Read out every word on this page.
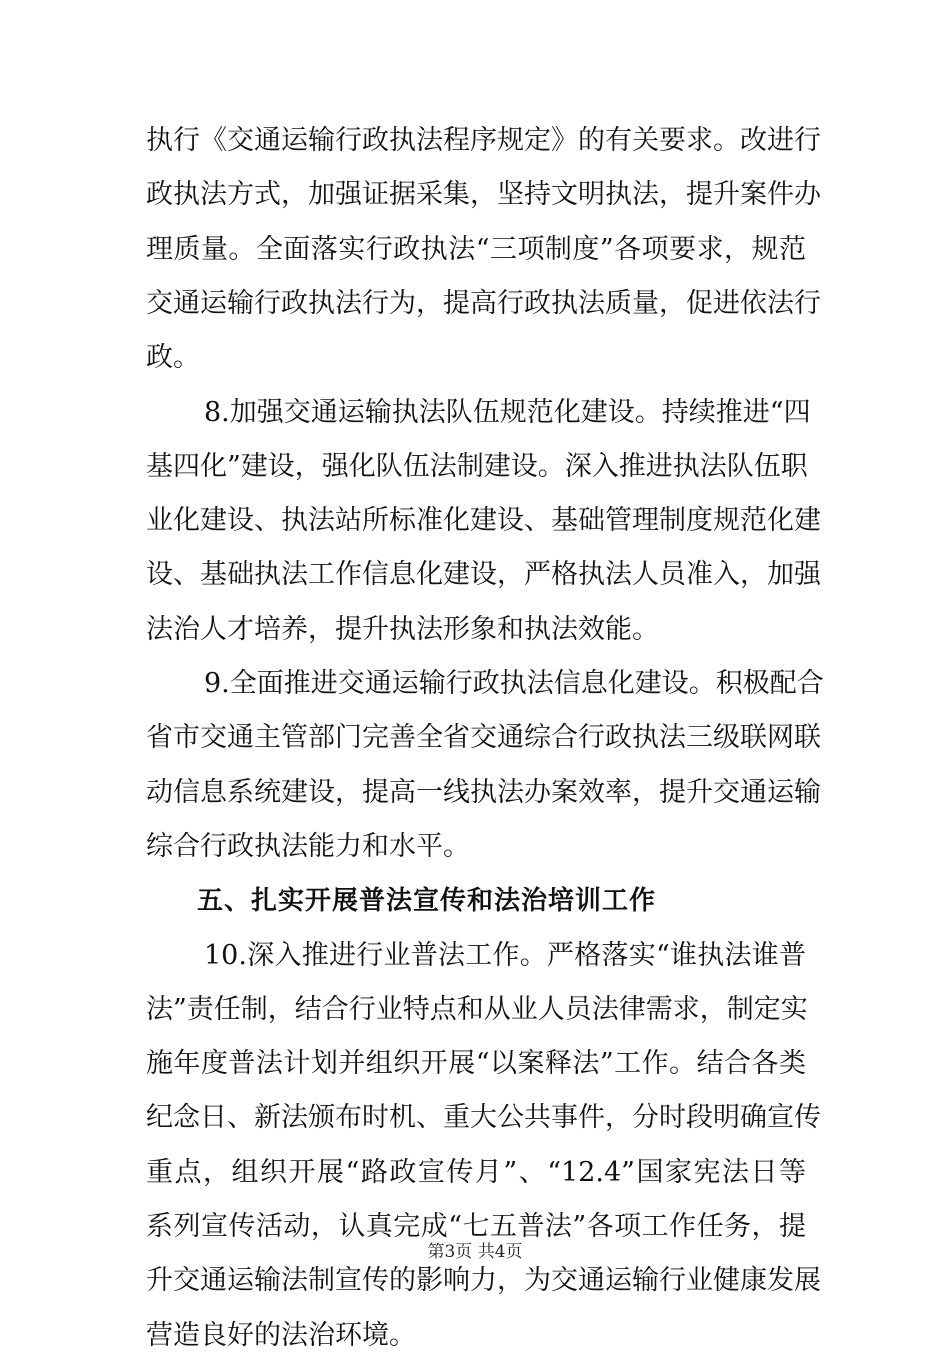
执行《交通运输行政执法程序规定》的有关要求。改进行
政执法方式，加强证据采集，坚持文明执法，提升案件办
理质量。全面落实行政执法“三项制度”各项要求，规范
交通运输行政执法行为，提高行政执法质量，促进依法行
政。
8.加强交通运输执法队伍规范化建设。持续推进“四
基四化”建设，强化队伍法制建设。深入推进执法队伍职
业化建设、执法站所标准化建设、基础管理制度规范化建
设、基础执法工作信息化建设，严格执法人员准入，加强
法治人才培养，提升执法形象和执法效能。
9.全面推进交通运输行政执法信息化建设。积极配合
省市交通主管部门完善全省交通综合行政执法三级联网联
动信息系统建设，提高一线执法办案效率，提升交通运输
综合行政执法能力和水平。
五、扎实开展普法宣传和法治培训工作
10.深入推进行业普法工作。严格落实“谁执法谁普
法”责任制，结合行业特点和从业人员法律需求，制定实
施年度普法计划并组织开展“以案释法”工作。结合各类
纪念日、新法颁布时机、重大公共事件，分时段明确宣传
重点，组织开展“路政宣传月”、“12.4”国家宪法日等
系列宣传活动，认真完成“七五普法”各项工作任务，提
升交通运输法制宣传的影响力，为交通运输行业健康发展
营造良好的法治环境。
第3页 共4页
